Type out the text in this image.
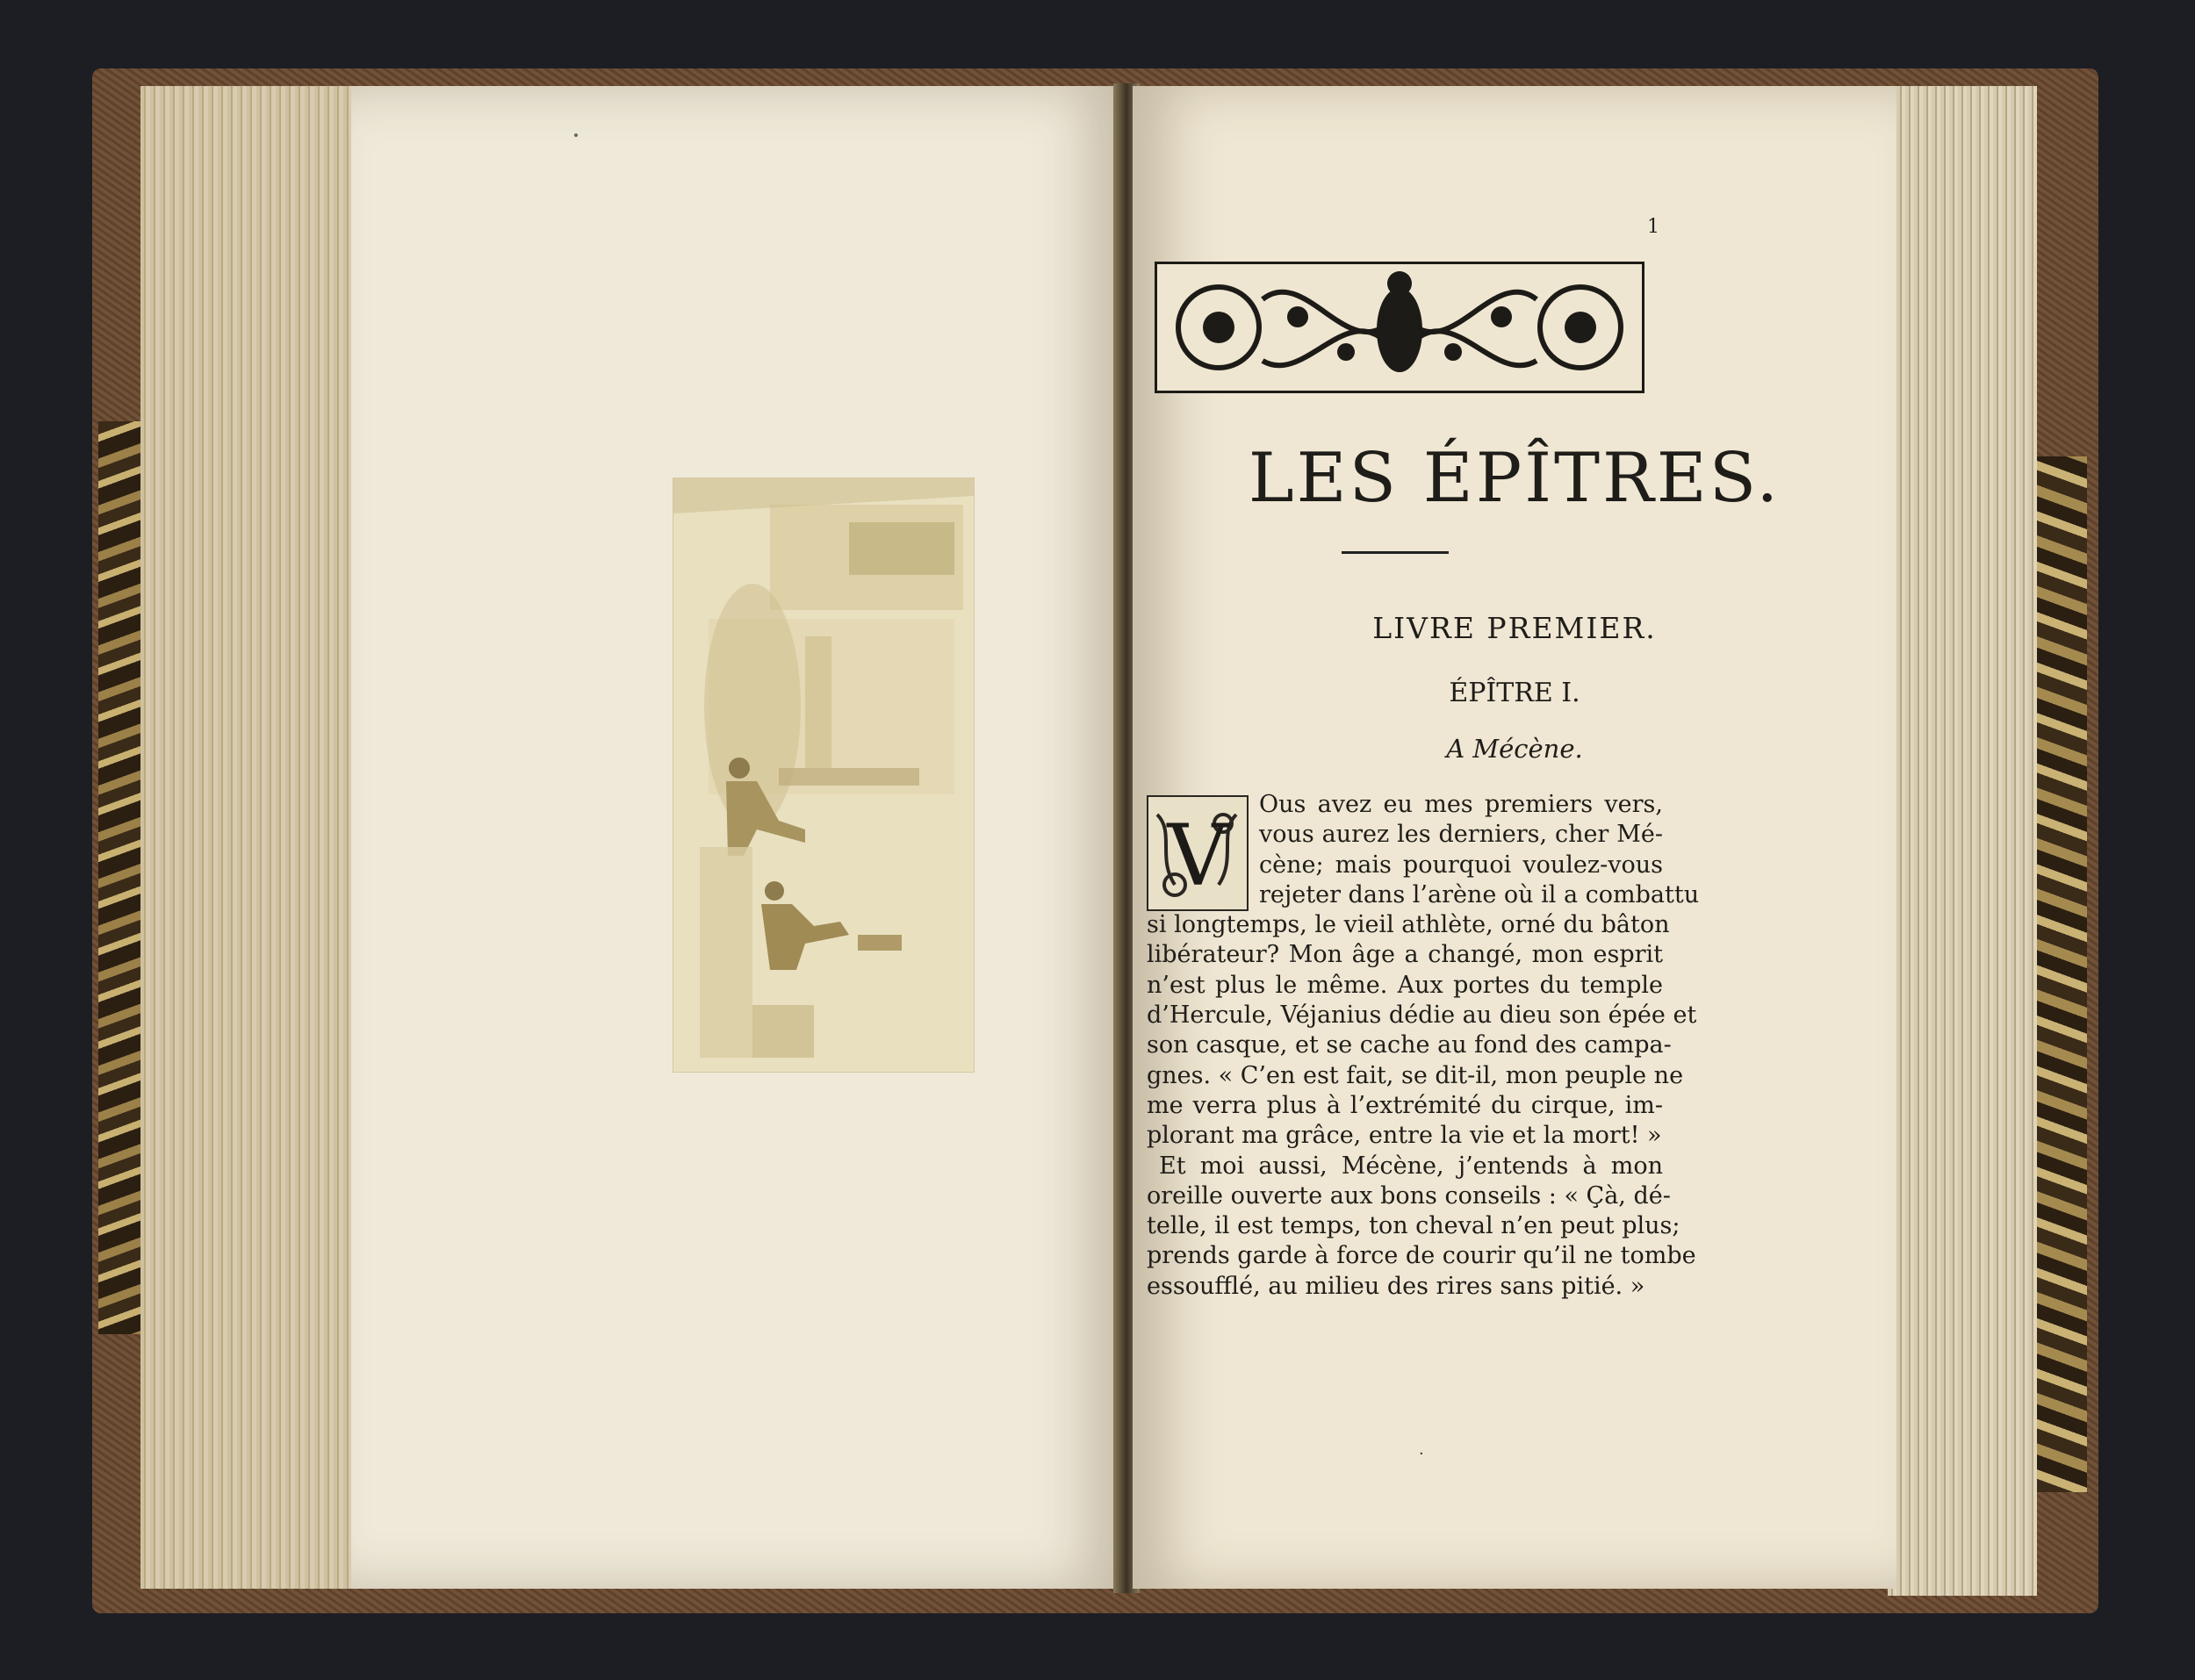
1
LES ÉPÎTRES.
LIVRE PREMIER.
ÉPÎTRE I.
A Mécène.
V
Ous avez eu mes premiers vers,
vous aurez les derniers, cher Mé-
cène; mais pourquoi voulez-vous
rejeter dans l’arène où il a combattu
si longtemps, le vieil athlète, orné du bâton
libérateur? Mon âge a changé, mon esprit
n’est plus le même. Aux portes du temple
d’Hercule, Véjanius dédie au dieu son épée et
son casque, et se cache au fond des campa-
gnes. « C’en est fait, se dit-il, mon peuple ne
me verra plus à l’extrémité du cirque, im-
plorant ma grâce, entre la vie et la mort! »
Et moi aussi, Mécène, j’entends à mon
oreille ouverte aux bons conseils : « Çà, dé-
telle, il est temps, ton cheval n’en peut plus;
prends garde à force de courir qu’il ne tombe
essoufflé, au milieu des rires sans pitié. »
·
